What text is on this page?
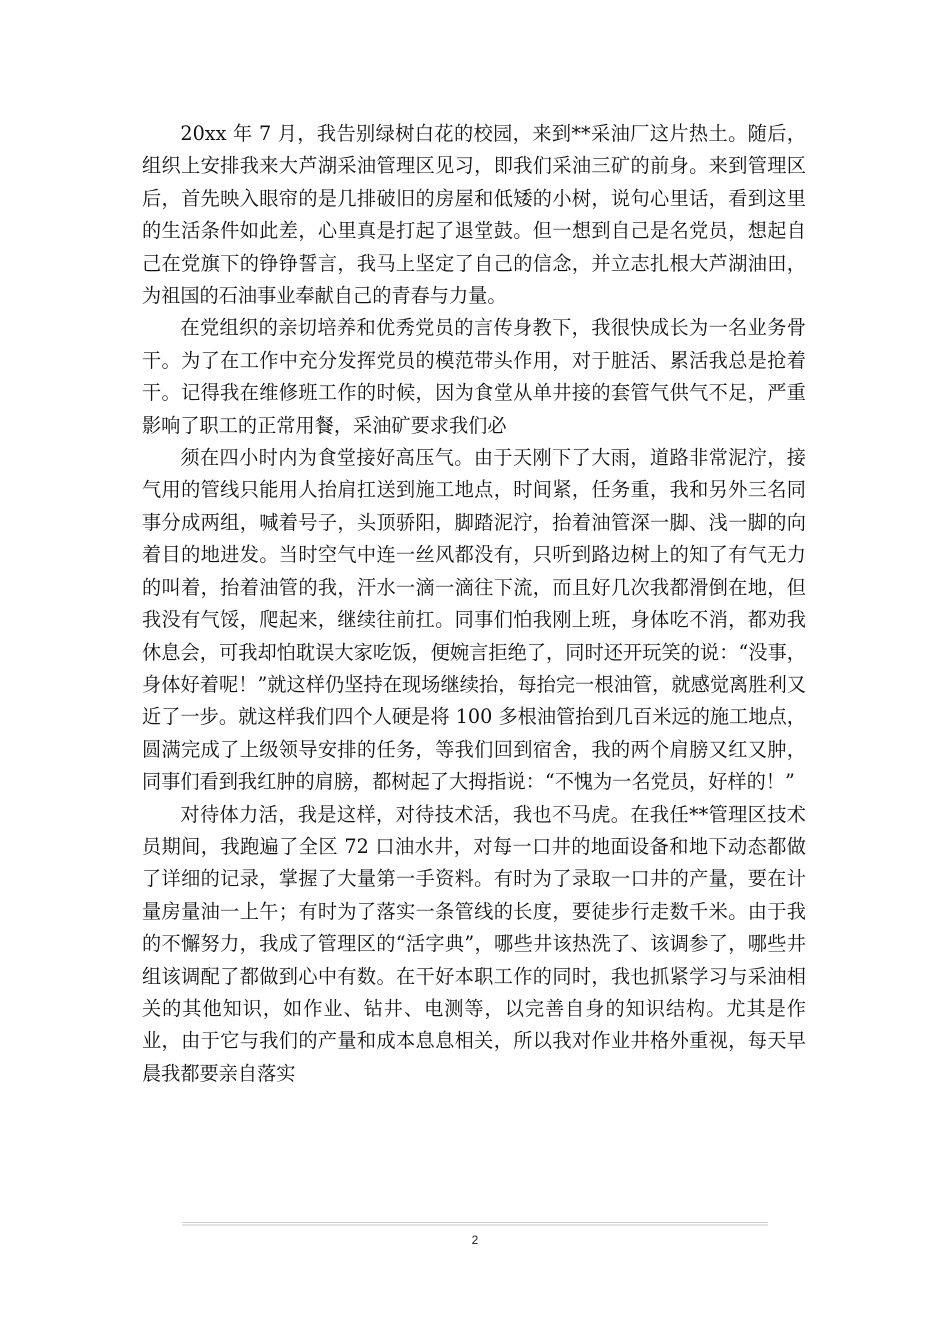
20xx 年 7 月，我告别绿树白花的校园，来到**采油厂这片热土。随后，组织上安排我来大芦湖采油管理区见习，即我们采油三矿的前身。来到管理区后，首先映入眼帘的是几排破旧的房屋和低矮的小树，说句心里话，看到这里的生活条件如此差，心里真是打起了退堂鼓。但一想到自己是名党员，想起自己在党旗下的铮铮誓言，我马上坚定了自己的信念，并立志扎根大芦湖油田，为祖国的石油事业奉献自己的青春与力量。

在党组织的亲切培养和优秀党员的言传身教下，我很快成长为一名业务骨干。为了在工作中充分发挥党员的模范带头作用，对于脏活、累活我总是抢着干。记得我在维修班工作的时候，因为食堂从单井接的套管气供气不足，严重影响了职工的正常用餐，采油矿要求我们必

须在四小时内为食堂接好高压气。由于天刚下了大雨，道路非常泥泞，接气用的管线只能用人抬肩扛送到施工地点，时间紧，任务重，我和另外三名同事分成两组，喊着号子，头顶骄阳，脚踏泥泞，抬着油管深一脚、浅一脚的向着目的地进发。当时空气中连一丝风都没有，只听到路边树上的知了有气无力的叫着，抬着油管的我，汗水一滴一滴往下流，而且好几次我都滑倒在地，但我没有气馁，爬起来，继续往前扛。同事们怕我刚上班，身体吃不消，都劝我休息会，可我却怕耽误大家吃饭，便婉言拒绝了，同时还开玩笑的说：“没事，身体好着呢！”就这样仍坚持在现场继续抬，每抬完一根油管，就感觉离胜利又近了一步。就这样我们四个人硬是将 100 多根油管抬到几百米远的施工地点，圆满完成了上级领导安排的任务，等我们回到宿舍，我的两个肩膀又红又肿，同事们看到我红肿的肩膀，都树起了大拇指说：“不愧为一名党员，好样的！”

对待体力活，我是这样，对待技术活，我也不马虎。在我任**管理区技术员期间，我跑遍了全区 72 口油水井，对每一口井的地面设备和地下动态都做了详细的记录，掌握了大量第一手资料。有时为了录取一口井的产量，要在计量房量油一上午；有时为了落实一条管线的长度，要徒步行走数千米。由于我的不懈努力，我成了管理区的“活字典”，哪些井该热洗了、该调参了，哪些井组该调配了都做到心中有数。在干好本职工作的同时，我也抓紧学习与采油相关的其他知识，如作业、钻井、电测等，以完善自身的知识结构。尤其是作业，由于它与我们的产量和成本息息相关，所以我对作业井格外重视，每天早晨我都要亲自落实

2
